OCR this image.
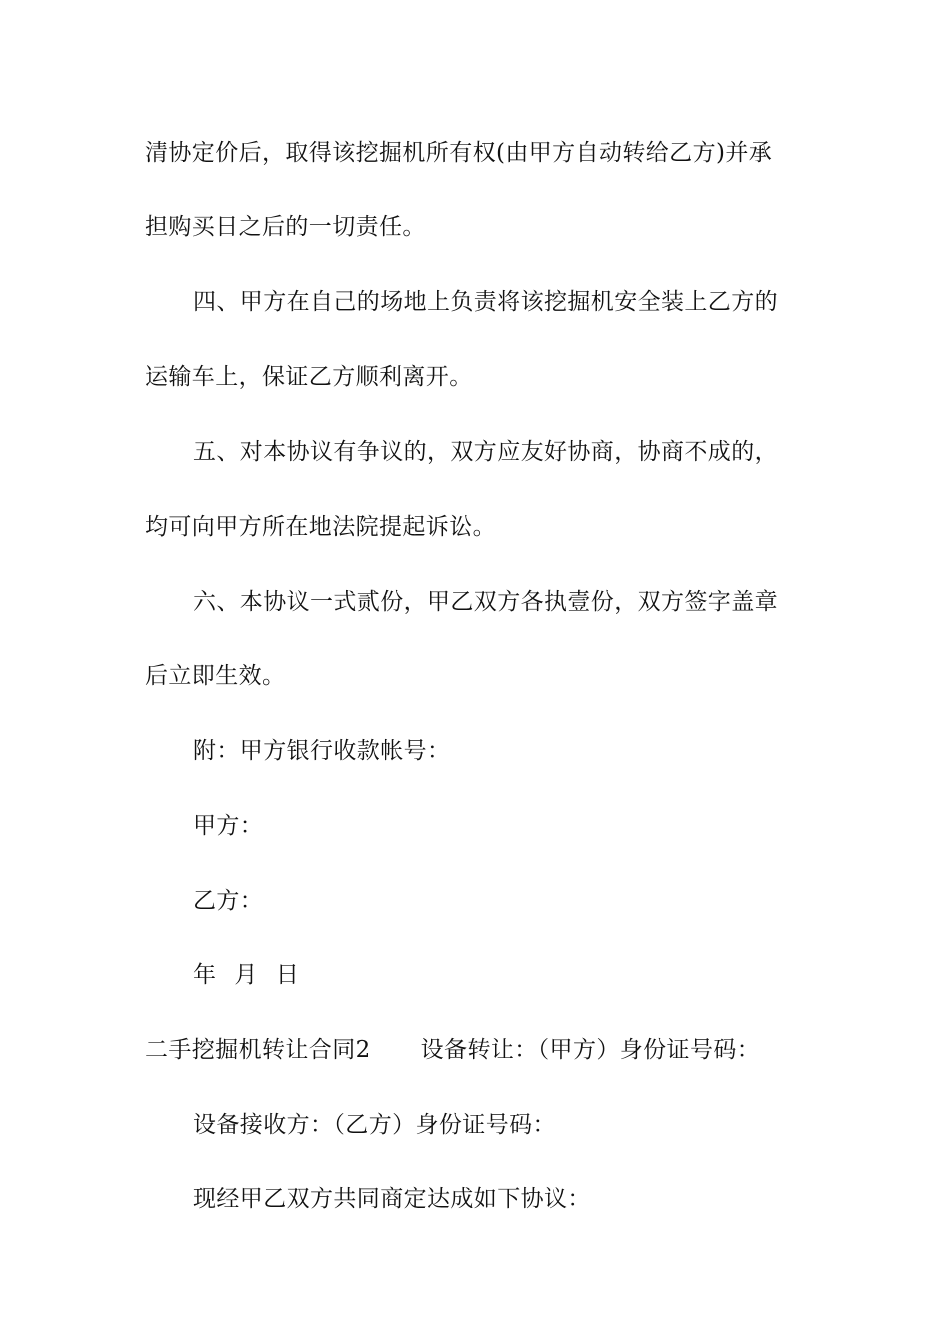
清协定价后，取得该挖掘机所有权(由甲方自动转给乙方)并承
担购买日之后的一切责任。
四、甲方在自己的场地上负责将该挖掘机安全装上乙方的
运输车上，保证乙方顺利离开。
五、对本协议有争议的，双方应友好协商，协商不成的，
均可向甲方所在地法院提起诉讼。
六、本协议一式贰份，甲乙双方各执壹份，双方签字盖章
后立即生效。
附：甲方银行收款帐号：
甲方：
乙方：
年 月 日
二手挖掘机转让合同2 设备转让：（甲方）身份证号码：
设备接收方：（乙方）身份证号码：
现经甲乙双方共同商定达成如下协议：
